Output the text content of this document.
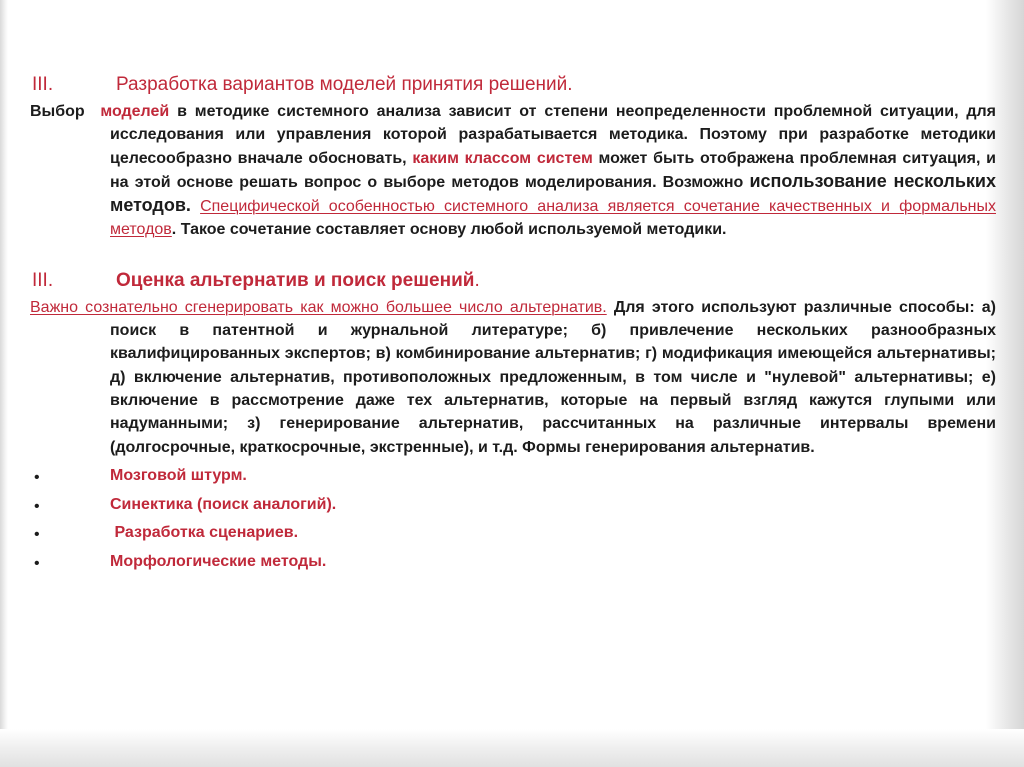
III.	Разработка вариантов моделей принятия решений.

Выбор моделей в методике системного анализа зависит от степени неопределенности проблемной ситуации, для исследования или управления которой разрабатывается методика. Поэтому при разработке методики целесообразно вначале обосновать, каким классом систем может быть отображена проблемная ситуация, и на этой основе решать вопрос о выборе методов моделирования. Возможно использование нескольких методов. Специфической особенностью системного анализа является сочетание качественных и формальных методов. Такое сочетание составляет основу любой используемой методики.

III.	Оценка альтернатив и поиск решений.

Важно сознательно сгенерировать как можно большее число альтернатив. Для этого используют различные способы: а) поиск в патентной и журнальной литературе; б) привлечение нескольких разнообразных квалифицированных экспертов; в) комбинирование альтернатив; г) модификация имеющейся альтернативы; д) включение альтернатив, противоположных предложенным, в том числе и "нулевой" альтернативы; е) включение в рассмотрение даже тех альтернатив, которые на первый взгляд кажутся глупыми или надуманными; з) генерирование альтернатив, рассчитанных на различные интервалы времени (долгосрочные, краткосрочные, экстренные), и т.д. Формы генерирования альтернатив.

•	Мозговой штурм.
•	Синектика (поиск аналогий).
•	Разработка сценариев.
•	Морфологические методы.
